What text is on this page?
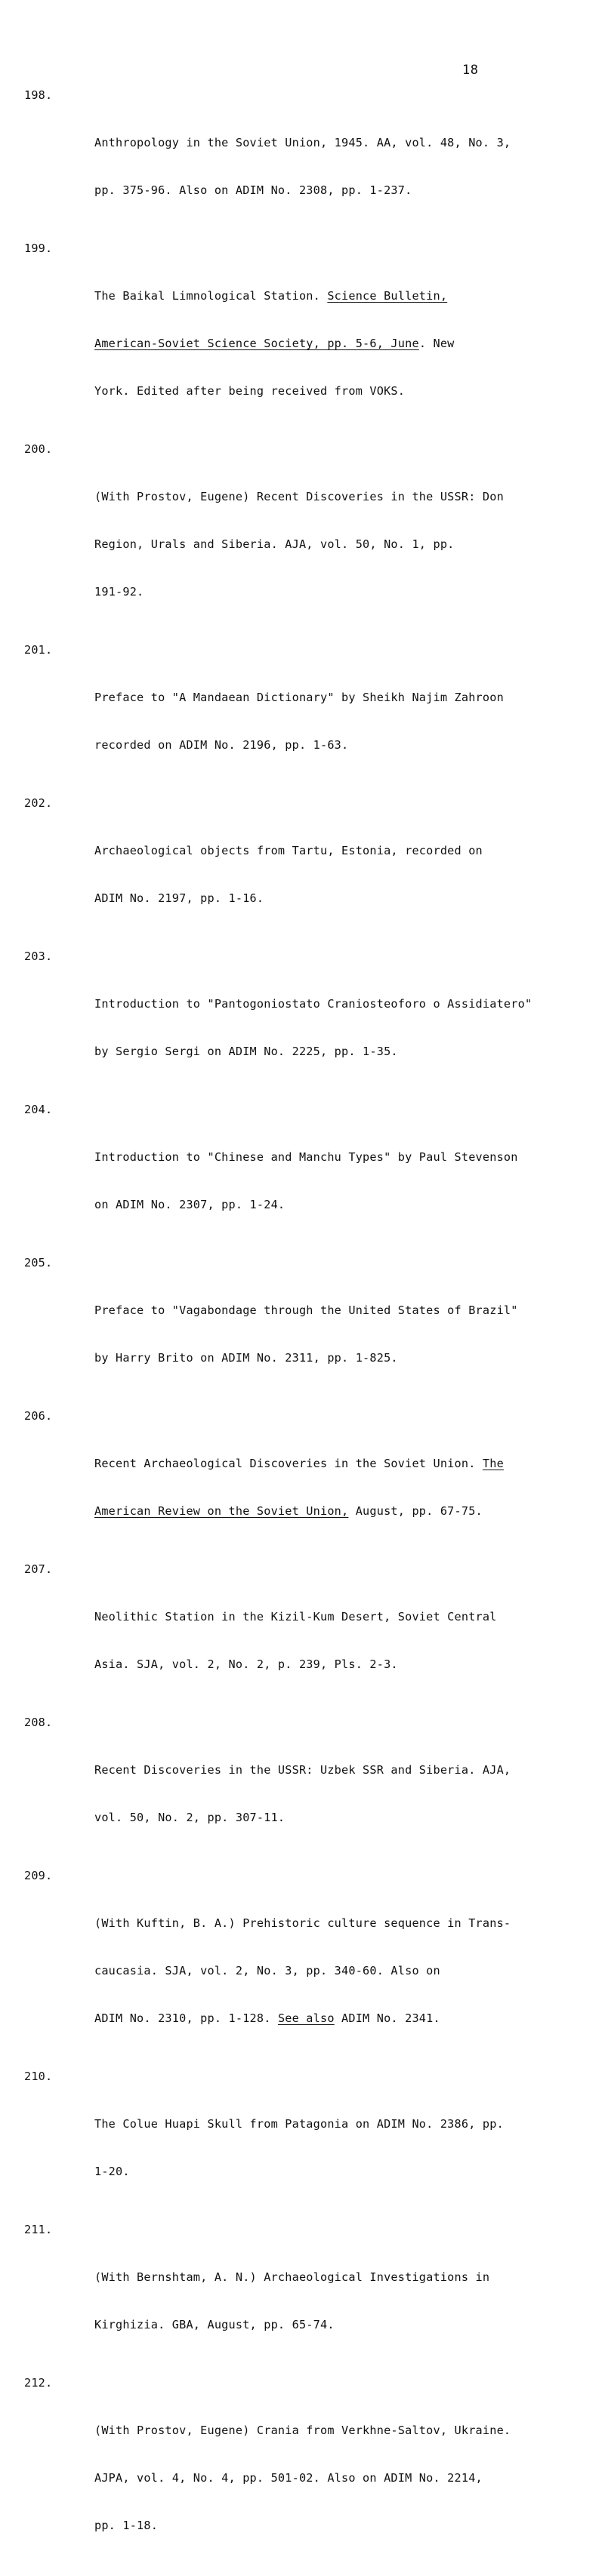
18

198.

Anthropology in the Soviet Union, 1945. AA, vol. 48, No. 3,

pp. 375-96. Also on ADIM No. 2308, pp. 1-237.

199.

The Baikal Limnological Station. Science Bulletin,

American-Soviet Science Society, pp. 5-6, June. New

York. Edited after being received from VOKS.

200.

(With Prostov, Eugene) Recent Discoveries in the USSR: Don

Region, Urals and Siberia. AJA, vol. 50, No. 1, pp.

191-92.

201.

Preface to "A Mandaean Dictionary" by Sheikh Najim Zahroon

recorded on ADIM No. 2196, pp. 1-63.

202.

Archaeological objects from Tartu, Estonia, recorded on

ADIM No. 2197, pp. 1-16.

203.

Introduction to "Pantogoniostato Craniosteoforo o Assidiatero"

by Sergio Sergi on ADIM No. 2225, pp. 1-35.

204.

Introduction to "Chinese and Manchu Types" by Paul Stevenson

on ADIM No. 2307, pp. 1-24.

205.

Preface to "Vagabondage through the United States of Brazil"

by Harry Brito on ADIM No. 2311, pp. 1-825.

206.

Recent Archaeological Discoveries in the Soviet Union. The

American Review on the Soviet Union, August, pp. 67-75.

207.

Neolithic Station in the Kizil-Kum Desert, Soviet Central

Asia. SJA, vol. 2, No. 2, p. 239, Pls. 2-3.

208.

Recent Discoveries in the USSR: Uzbek SSR and Siberia. AJA,

vol. 50, No. 2, pp. 307-11.

209.

(With Kuftin, B. A.) Prehistoric culture sequence in Trans-

caucasia. SJA, vol. 2, No. 3, pp. 340-60. Also on

ADIM No. 2310, pp. 1-128. See also ADIM No. 2341.

210.

The Colue Huapi Skull from Patagonia on ADIM No. 2386, pp.

1-20.

211.

(With Bernshtam, A. N.) Archaeological Investigations in

Kirghizia. GBA, August, pp. 65-74.

212.

(With Prostov, Eugene) Crania from Verkhne-Saltov, Ukraine.

AJPA, vol. 4, No. 4, pp. 501-02. Also on ADIM No. 2214,

pp. 1-18.
